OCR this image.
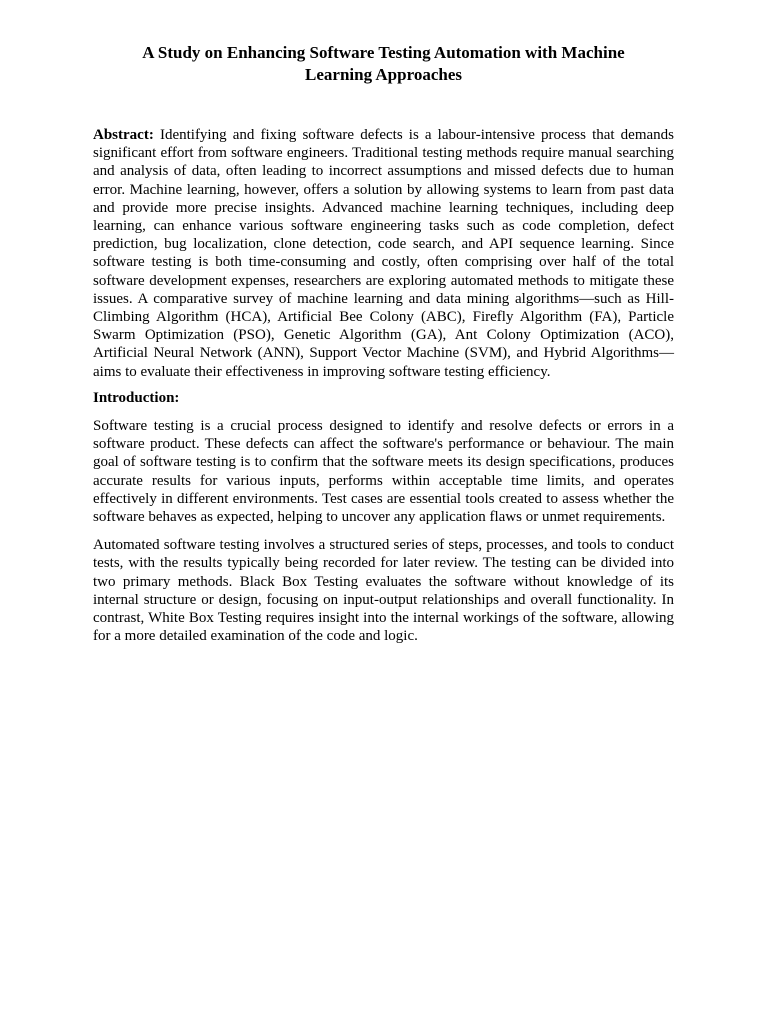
A Study on Enhancing Software Testing Automation with Machine Learning Approaches

Abstract: Identifying and fixing software defects is a labour-intensive process that demands significant effort from software engineers. Traditional testing methods require manual searching and analysis of data, often leading to incorrect assumptions and missed defects due to human error. Machine learning, however, offers a solution by allowing systems to learn from past data and provide more precise insights. Advanced machine learning techniques, including deep learning, can enhance various software engineering tasks such as code completion, defect prediction, bug localization, clone detection, code search, and API sequence learning. Since software testing is both time-consuming and costly, often comprising over half of the total software development expenses, researchers are exploring automated methods to mitigate these issues. A comparative survey of machine learning and data mining algorithms—such as Hill-Climbing Algorithm (HCA), Artificial Bee Colony (ABC), Firefly Algorithm (FA), Particle Swarm Optimization (PSO), Genetic Algorithm (GA), Ant Colony Optimization (ACO), Artificial Neural Network (ANN), Support Vector Machine (SVM), and Hybrid Algorithms—aims to evaluate their effectiveness in improving software testing efficiency.

Introduction:

Software testing is a crucial process designed to identify and resolve defects or errors in a software product. These defects can affect the software's performance or behaviour. The main goal of software testing is to confirm that the software meets its design specifications, produces accurate results for various inputs, performs within acceptable time limits, and operates effectively in different environments. Test cases are essential tools created to assess whether the software behaves as expected, helping to uncover any application flaws or unmet requirements.

Automated software testing involves a structured series of steps, processes, and tools to conduct tests, with the results typically being recorded for later review. The testing can be divided into two primary methods. Black Box Testing evaluates the software without knowledge of its internal structure or design, focusing on input-output relationships and overall functionality. In contrast, White Box Testing requires insight into the internal workings of the software, allowing for a more detailed examination of the code and logic.
